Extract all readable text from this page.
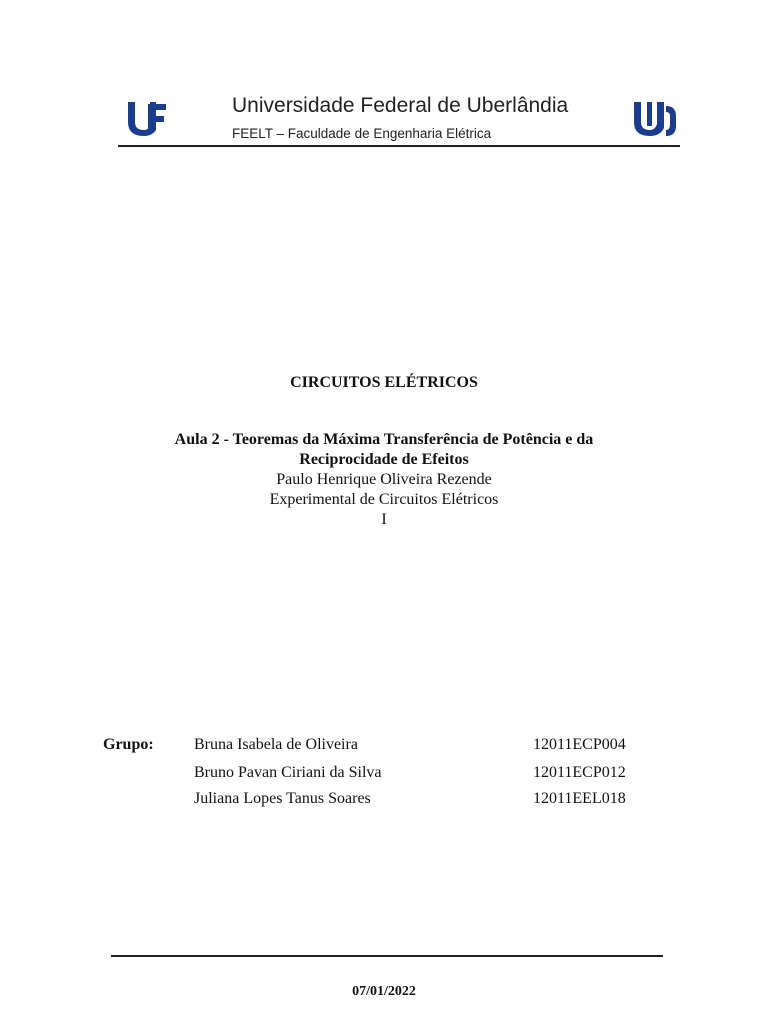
Universidade Federal de Uberlândia
FEELT – Faculdade de Engenharia Elétrica
CIRCUITOS ELÉTRICOS
Aula 2 - Teoremas da Máxima Transferência de Potência e da
Reciprocidade de Efeitos
Paulo Henrique Oliveira Rezende
Experimental de Circuitos Elétricos
I
Grupo:	Bruna Isabela de Oliveira	12011ECP004
Bruno Pavan Ciriani da Silva	12011ECP012
Juliana Lopes Tanus Soares	12011EEL018
07/01/2022
